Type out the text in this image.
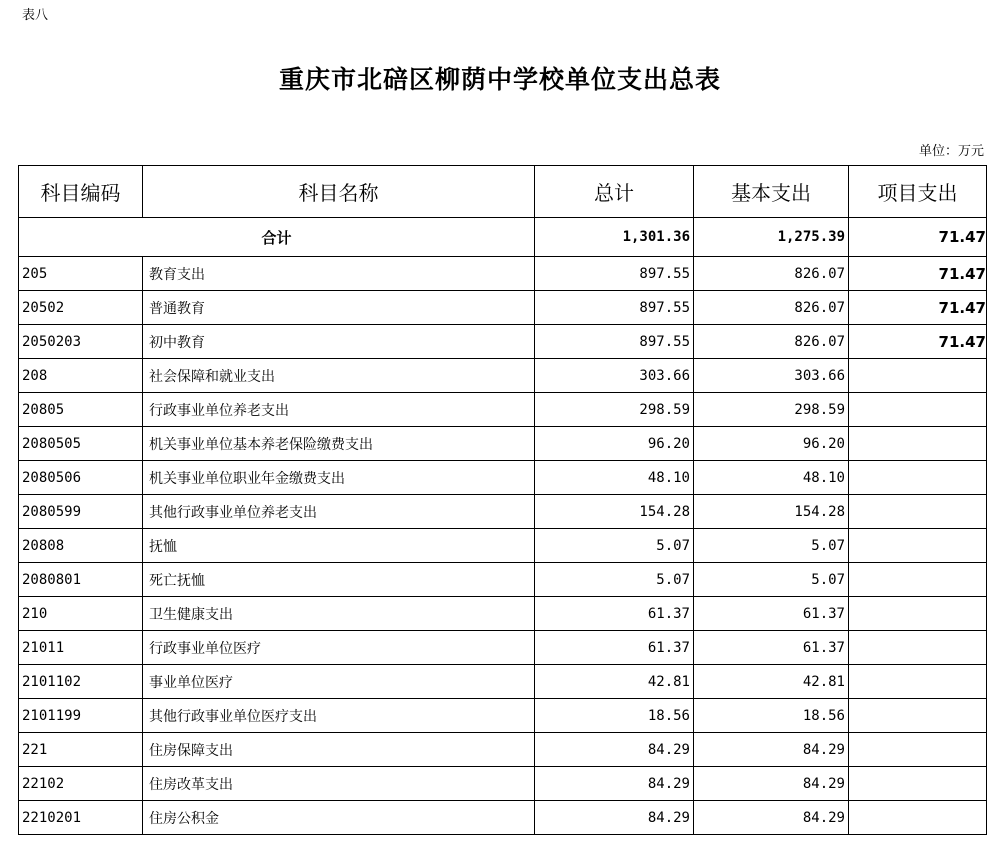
表八
重庆市北碚区柳荫中学校单位支出总表
单位：万元
科目编码	科目名称	总计	基本支出	项目支出
合计		1,301.36	1,275.39	71.47
205	教育支出	897.55	826.07	71.47
20502	普通教育	897.55	826.07	71.47
2050203	初中教育	897.55	826.07	71.47
208	社会保障和就业支出	303.66	303.66	
20805	行政事业单位养老支出	298.59	298.59	
2080505	机关事业单位基本养老保险缴费支出	96.20	96.20	
2080506	机关事业单位职业年金缴费支出	48.10	48.10	
2080599	其他行政事业单位养老支出	154.28	154.28	
20808	抚恤	5.07	5.07	
2080801	死亡抚恤	5.07	5.07	
210	卫生健康支出	61.37	61.37	
21011	行政事业单位医疗	61.37	61.37	
2101102	事业单位医疗	42.81	42.81	
2101199	其他行政事业单位医疗支出	18.56	18.56	
221	住房保障支出	84.29	84.29	
22102	住房改革支出	84.29	84.29	
2210201	住房公积金	84.29	84.29	
